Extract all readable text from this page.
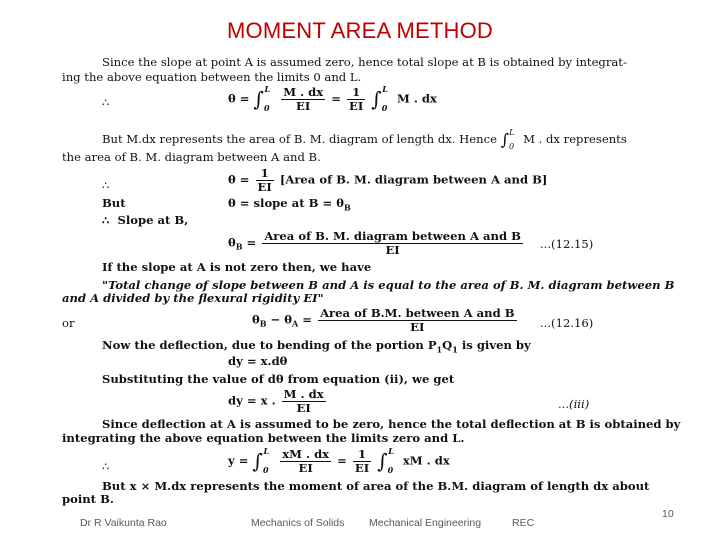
MOMENT AREA METHOD
Since the slope at point A is assumed zero, hence total slope at B is obtained by integrat-
ing the above equation between the limits 0 and L.
∴	$\theta = \int_0^L \frac{M . dx}{EI} = \frac{1}{EI} \int_0^L$ M . dx
But M.dx represents the area of B. M. diagram of length dx. Hence $\int_0^L$ M . dx represents
the area of B. M. diagram between A and B.
∴	$\theta = \frac{1}{EI}$ [Area of B. M. diagram between A and B]
But	θ = slope at $B = \theta_B$
∴ Slope at B,
$\theta_B = \frac{\text{Area of B. M. diagram between A and B}}{EI} ...(12.15)$
If the slope at A is not zero then, we have
"Total change of slope between B and A is equal to the area of B. M. diagram between B
and A divided by the flexural rigidity EI"
or	$\theta_B - \theta_A = \frac{\text{Area of B.M. between A and B}}{EI} ...(12.16)$
Now the deflection, due to bending of the portion $P_1Q_1$ is given by
dy = x.dθ
Substituting the value of dθ from equation (ii), we get
dy = x . $\frac{M . dx}{EI}$	...(iii)
Since deflection at A is assumed to be zero, hence the total deflection at B is obtained by
integrating the above equation between the limits zero and L.
∴	$y = \int_0^L \frac{xM . dx}{EI} = \frac{1}{EI} \int_0^L$ xM . dx
But x × M.dx represents the moment of area of the B.M. diagram of length dx about
point B.
Dr R Vaikunta Rao	Mechanics of Solids Mechanical Engineering	REC
10
